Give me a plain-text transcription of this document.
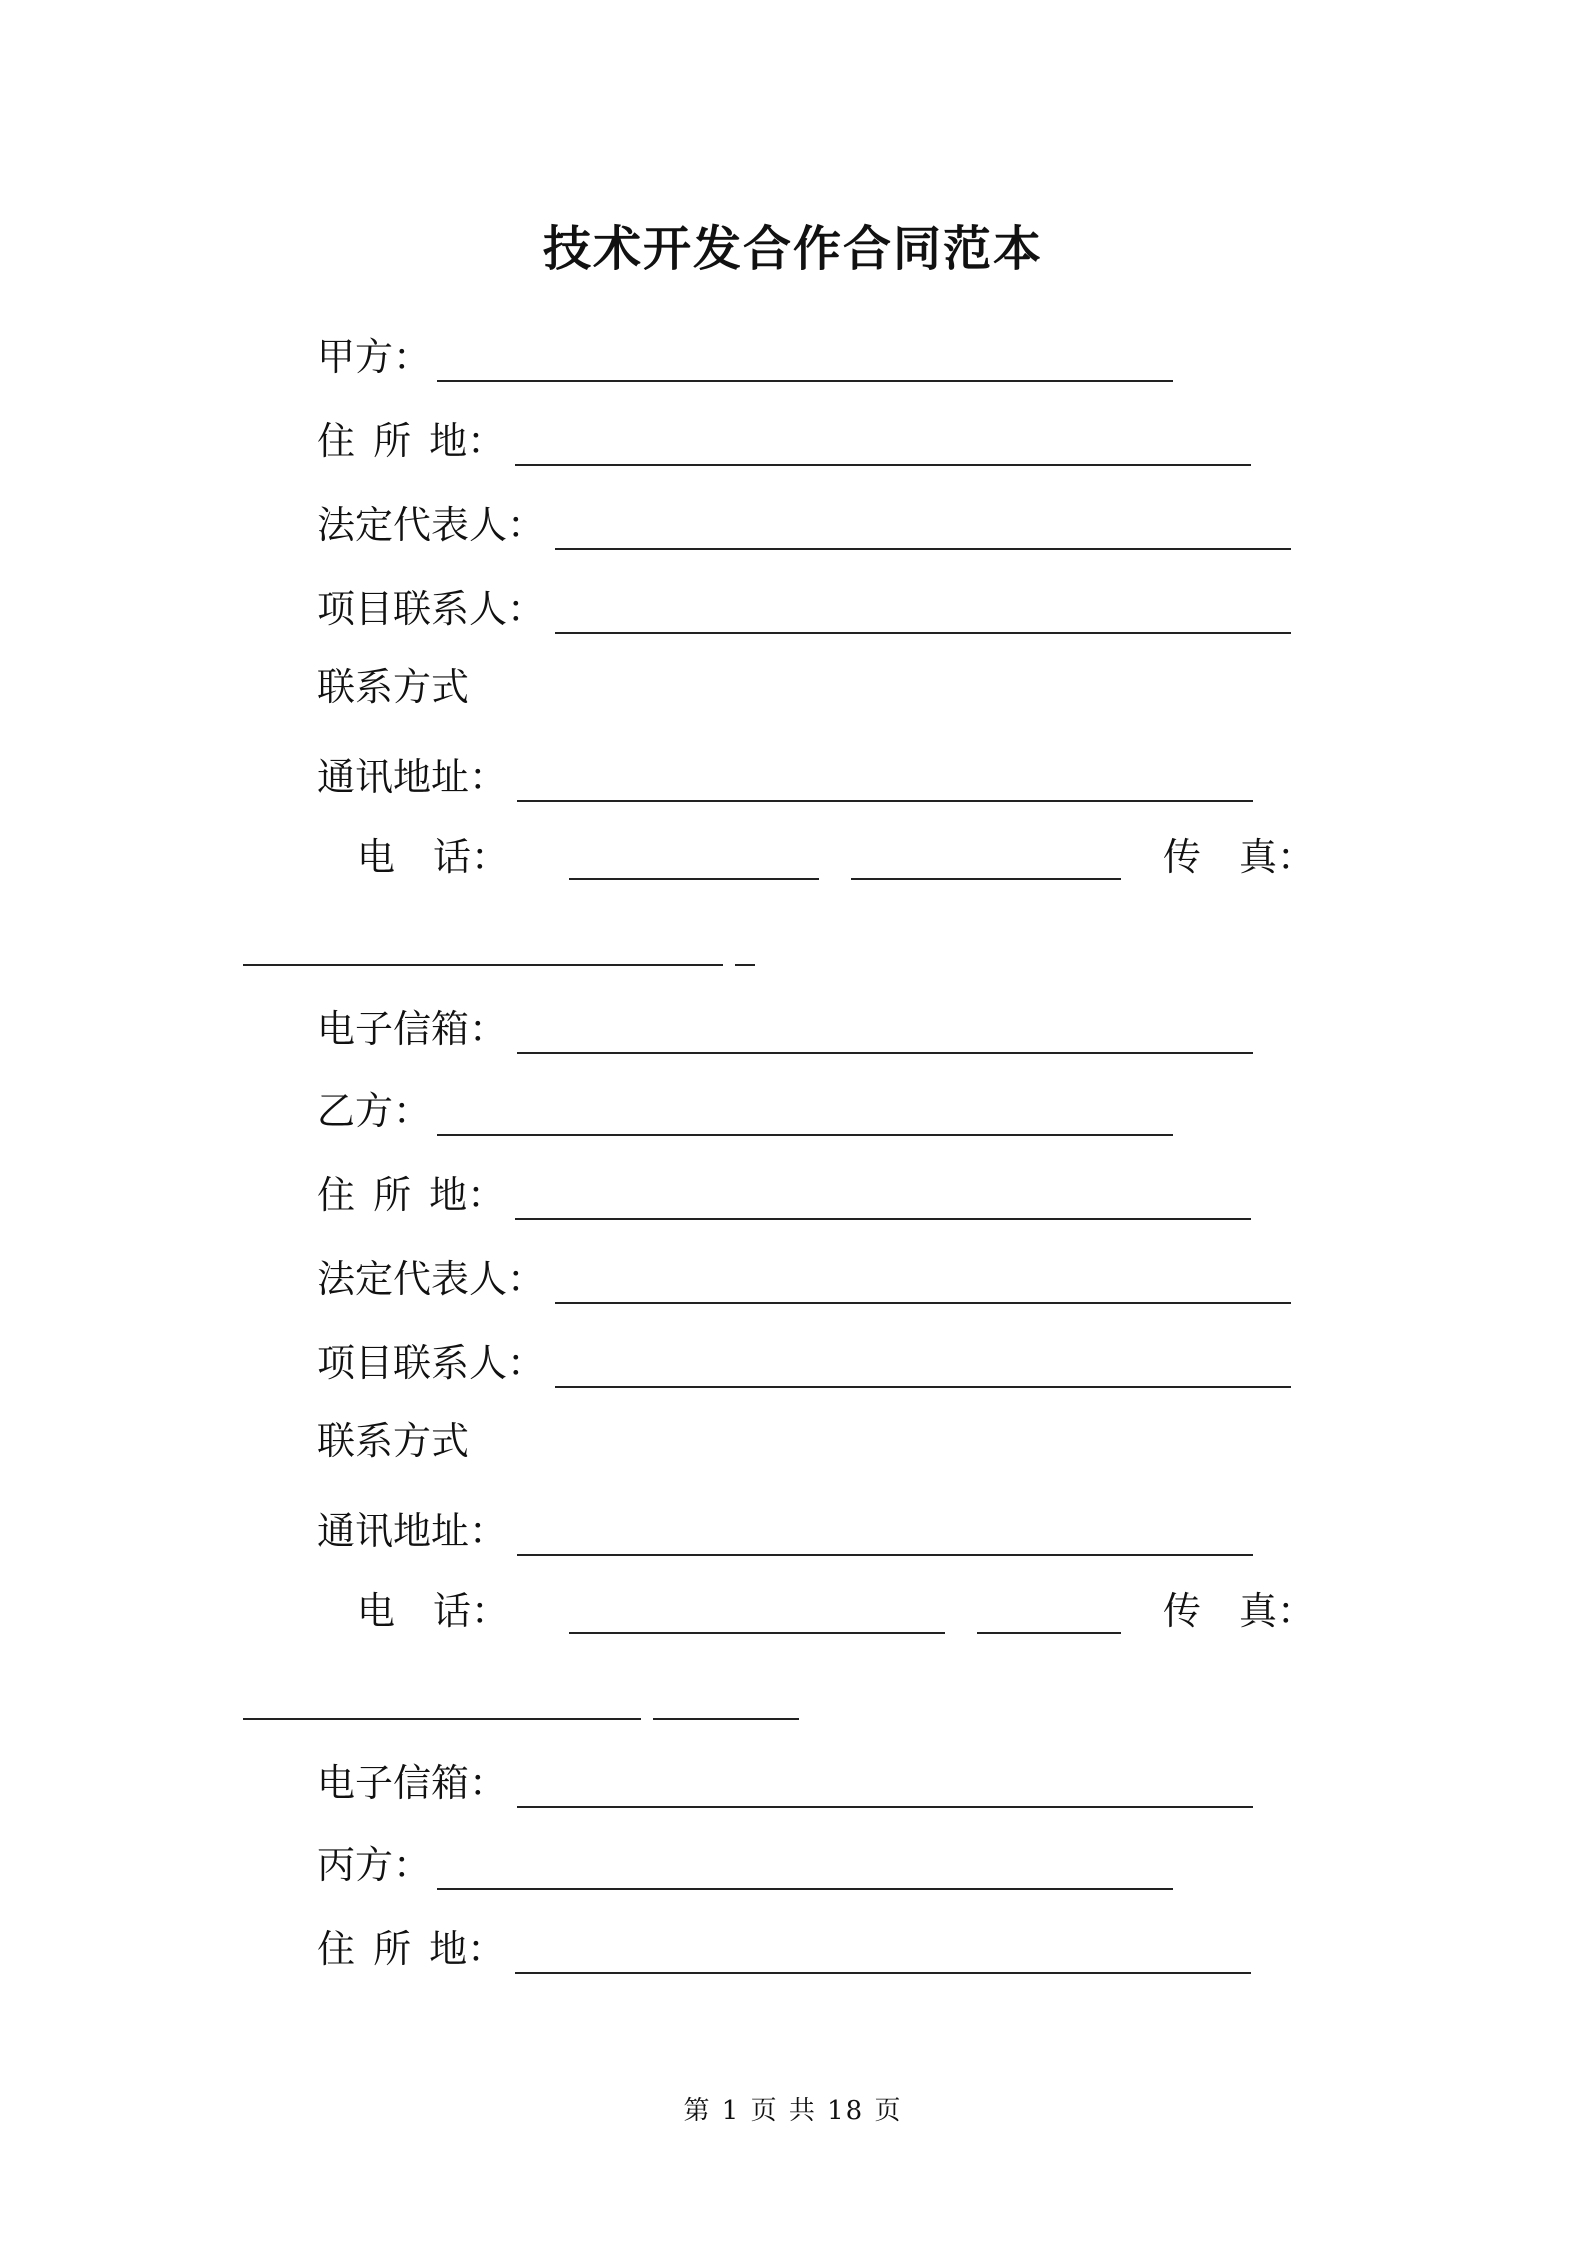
技术开发合作合同范本
甲方：
住 所 地：
法定代表人：
项目联系人：
联系方式
通讯地址：
电　话：	传　真：
电子信箱：
乙方：
住 所 地：
法定代表人：
项目联系人：
联系方式
通讯地址：
电　话：	传　真：
电子信箱：
丙方：
住 所 地：
第 1 页 共 18 页
